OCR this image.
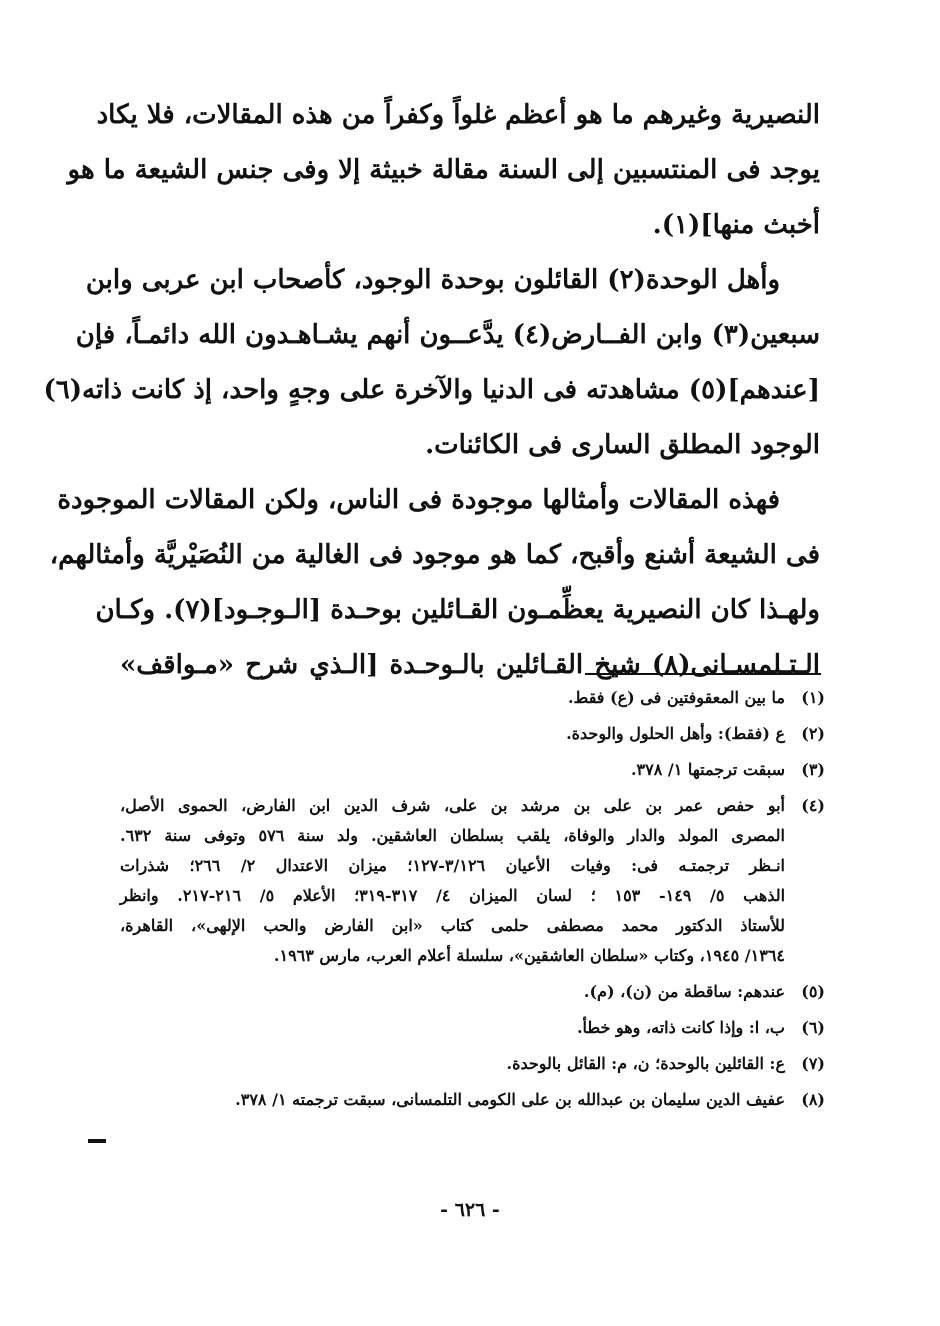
النصيرية وغيرهم ما هو أعظم غلواً وكفراً من هذه المقالات، فلا يكاد
يوجد فى المنتسبين إلى السنة مقالة خبيثة إلا وفى جنس الشيعة ما هو
أخبث منها](١).
وأهل الوحدة(٢) القائلون بوحدة الوجود، كأصحاب ابن عربى وابن
سبعين(٣) وابن الفــارض(٤) يدَّعــون أنهم يشـاهـدون الله دائمـاً، فإن
[عندهم](٥) مشاهدته فى الدنيا والآخرة على وجهٍ واحد، إذ كانت ذاته(٦)
الوجود المطلق السارى فى الكائنات.
فهذه المقالات وأمثالها موجودة فى الناس، ولكن المقالات الموجودة
فى الشيعة أشنع وأقبح، كما هو موجود فى الغالية من النُصَيْريَّة وأمثالهم،
ولهـذا كان النصيرية يعظِّمـون القـائلين بوحـدة [الـوجـود](٧). وكـان
الـتـلمسـانى(٨) شيخ القـائلين بالـوحـدة [الـذي شرح «مـواقف»
(١)
ما بين المعقوفتين فى (ع) فقط.
(٢)
ع (فقط): وأهل الحلول والوحدة.
(٣)
سبقت ترجمتها ١/ ٣٧٨.
(٤)
أبو حفص عمر بن على بن مرشد بن على، شرف الدين ابن الفارض، الحموى الأصل،
المصرى المولد والدار والوفاة، يلقب بسلطان العاشقين. ولد سنة ٥٧٦ وتوفى سنة ٦٣٢.
انـظر ترجمتـه فى: وفيات الأعيان ٣/١٢٦-١٢٧؛ ميزان الاعتدال ٢/ ٢٦٦؛ شذرات
الذهب ٥/ ١٤٩- ١٥٣ ؛ لسان الميزان ٤/ ٣١٧-٣١٩؛ الأعلام ٥/ ٢١٦-٢١٧. وانظر
للأستاذ الدكتور محمد مصطفى حلمى كتاب «ابن الفارض والحب الإلهى»، القاهرة،
١٣٦٤/ ١٩٤٥، وكتاب «سلطان العاشقين»، سلسلة أعلام العرب، مارس ١٩٦٣.
(٥)
عندهم: ساقطة من (ن)، (م).
(٦)
ب، ا: وإذا كانت ذاته، وهو خطأ.
(٧)
ع: القائلين بالوحدة؛ ن، م: القائل بالوحدة.
(٨)
عفيف الدين سليمان بن عبدالله بن على الكومى التلمسانى، سبقت ترجمته ١/ ٣٧٨.
- ٦٢٦ -
